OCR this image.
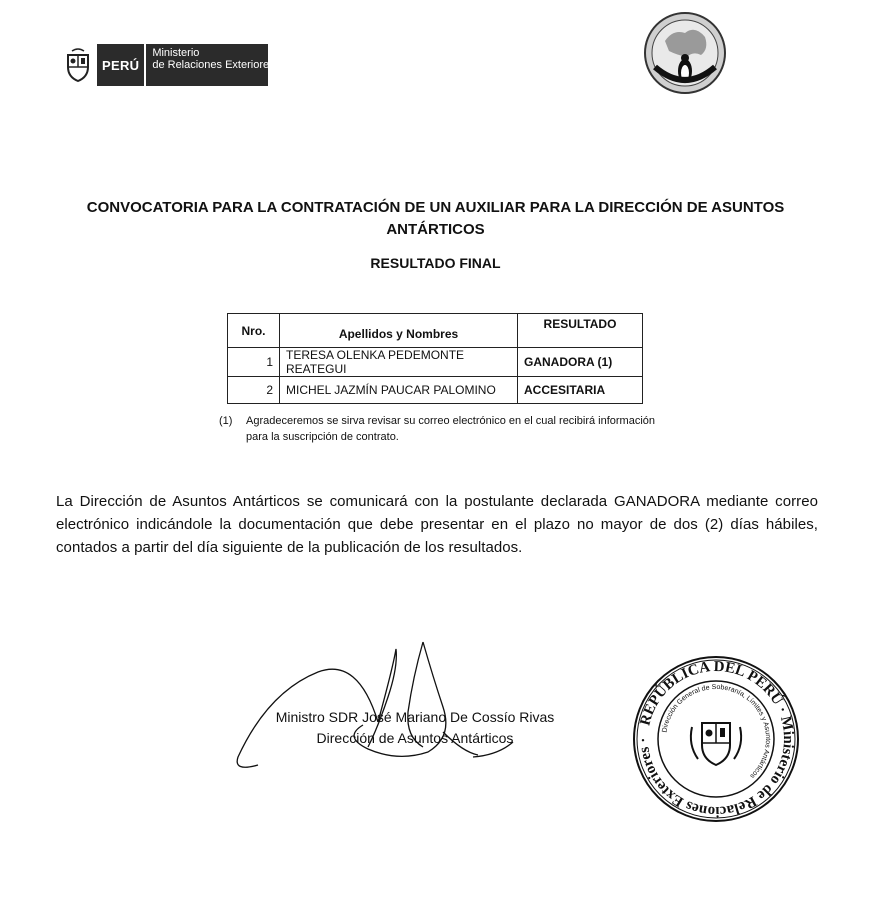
PERÚ
Ministerio
de Relaciones Exteriores
CONVOCATORIA PARA LA CONTRATACIÓN DE UN AUXILIAR PARA LA DIRECCIÓN DE ASUNTOS
ANTÁRTICOS
RESULTADO FINAL
Nro.	Apellidos y Nombres	RESULTADO
1	TERESA OLENKA PEDEMONTE REATEGUI	GANADORA (1)
2	MICHEL JAZMÍN PAUCAR PALOMINO	ACCESITARIA
(1) Agradeceremos se sirva revisar su correo electrónico en el cual recibirá información
para la suscripción de contrato.
La Dirección de Asuntos Antárticos se comunicará con la postulante declarada GANADORA mediante correo electrónico indicándole la documentación que debe presentar en el plazo no mayor de dos (2) días hábiles, contados a partir del día siguiente de la publicación de los resultados.
Ministro SDR José Mariano De Cossío Rivas
Dirección de Asuntos Antárticos
REPÚBLICA DEL PERÚ · Ministerio de Relaciones Exteriores ·
Dirección General de Soberanía, Límites y Asuntos Antárticos
